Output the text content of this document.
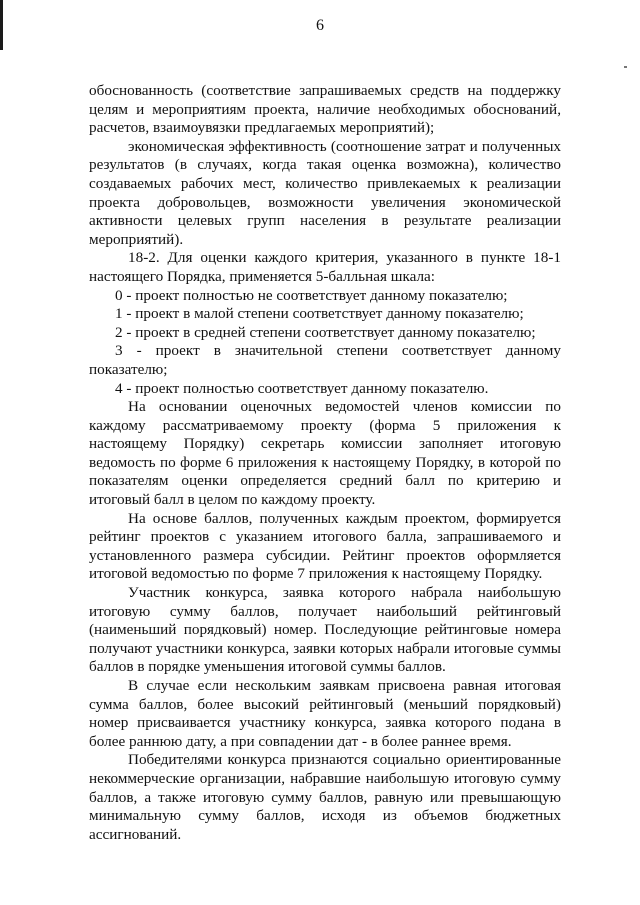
6

обоснованность (соответствие запрашиваемых средств на поддержку целям и мероприятиям проекта, наличие необходимых обоснований, расчетов, взаимоувязки предлагаемых мероприятий);

экономическая эффективность (соотношение затрат и полученных результатов (в случаях, когда такая оценка возможна), количество создаваемых рабочих мест, количество привлекаемых к реализации проекта добровольцев, возможности увеличения экономической активности целевых групп населения в результате реализации мероприятий).

18-2. Для оценки каждого критерия, указанного в пункте 18-1 настоящего Порядка, применяется 5-балльная шкала:

0 - проект полностью не соответствует данному показателю;

1 - проект в малой степени соответствует данному показателю;

2 - проект в средней степени соответствует данному показателю;

3 - проект в значительной степени соответствует данному показателю;

4 - проект полностью соответствует данному показателю.

На основании оценочных ведомостей членов комиссии по каждому рассматриваемому проекту (форма 5 приложения к настоящему Порядку) секретарь комиссии заполняет итоговую ведомость по форме 6 приложения к настоящему Порядку, в которой по показателям оценки определяется средний балл по критерию и итоговый балл в целом по каждому проекту.

На основе баллов, полученных каждым проектом, формируется рейтинг проектов с указанием итогового балла, запрашиваемого и установленного размера субсидии. Рейтинг проектов оформляется итоговой ведомостью по форме 7 приложения к настоящему Порядку.

Участник конкурса, заявка которого набрала наибольшую итоговую сумму баллов, получает наибольший рейтинговый (наименьший порядковый) номер. Последующие рейтинговые номера получают участники конкурса, заявки которых набрали итоговые суммы баллов в порядке уменьшения итоговой суммы баллов.

В случае если нескольким заявкам присвоена равная итоговая сумма баллов, более высокий рейтинговый (меньший порядковый) номер присваивается участнику конкурса, заявка которого подана в более раннюю дату, а при совпадении дат - в более раннее время.

Победителями конкурса признаются социально ориентированные некоммерческие организации, набравшие наибольшую итоговую сумму баллов, а также итоговую сумму баллов, равную или превышающую минимальную сумму баллов, исходя из объемов бюджетных ассигнований.
